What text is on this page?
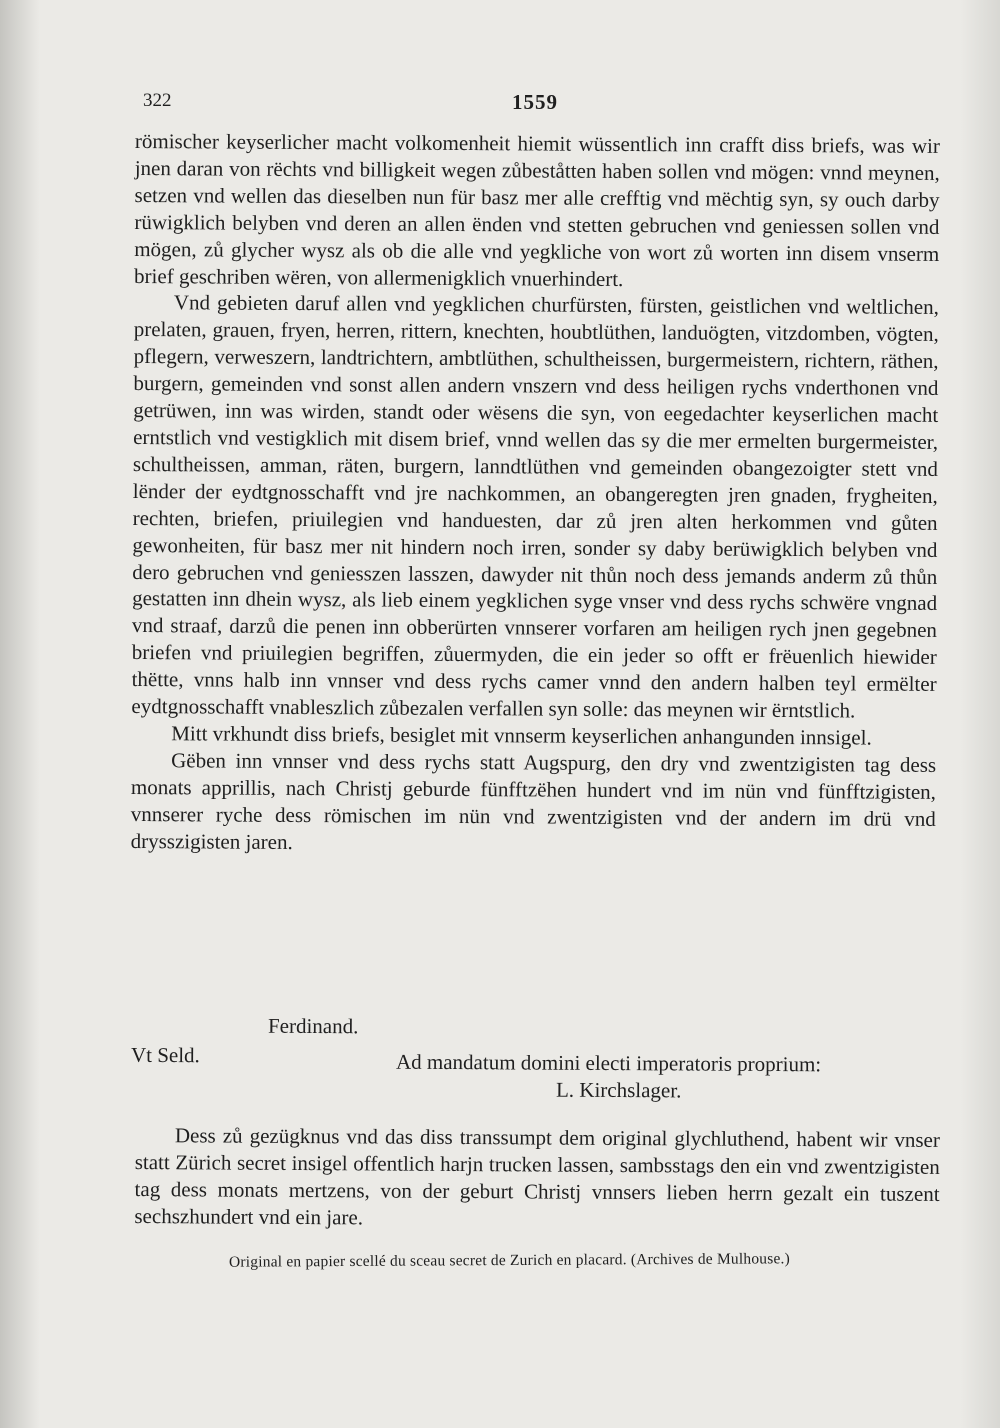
322	1559

römischer keyserlicher macht volkomenheit hiemit wüssentlich inn crafft diss briefs, was wir jnen daran von rëchts vnd billigkeit wegen zůbeståtten haben sollen vnd mögen: vnnd meynen, setzen vnd wellen das dieselben nun für basz mer alle crefftig vnd mëchtig syn, sy ouch darby rüwigklich belyben vnd deren an allen ënden vnd stetten gebruchen vnd geniessen sollen vnd mögen, zů glycher wysz als ob die alle vnd yegkliche von wort zů worten inn disem vnserm brief geschriben wëren, von allermenigklich vnuerhindert.

Vnd gebieten daruf allen vnd yegklichen churfürsten, fürsten, geistlichen vnd weltlichen, prelaten, grauen, fryen, herren, rittern, knechten, houbtlüthen, landuögten, vitzdomben, vögten, pflegern, verweszern, landtrichtern, ambtlüthen, schultheissen, burgermeistern, richtern, räthen, burgern, gemeinden vnd sonst allen andern vnszern vnd dess heiligen rychs vnderthonen vnd getrüwen, inn was wirden, standt oder wësens die syn, von eegedachter keyserlichen macht erntstlich vnd vestigklich mit disem brief, vnnd wellen das sy die mer ermelten burgermeister, schultheissen, amman, räten, burgern, lanndtlüthen vnd gemeinden obangezoigter stett vnd lënder der eydtgnosschafft vnd jre nachkommen, an obangeregten jren gnaden, frygheiten, rechten, briefen, priuilegien vnd handuesten, dar zů jren alten herkommen vnd gůten gewonheiten, für basz mer nit hindern noch irren, sonder sy daby berüwigklich belyben vnd dero gebruchen vnd geniesszen lasszen, dawyder nit thůn noch dess jemands anderm zů thůn gestatten inn dhein wysz, als lieb einem yegklichen syge vnser vnd dess rychs schwëre vngnad vnd straaf, darzů die penen inn obberürten vnnserer vorfaren am heiligen rych jnen gegebnen briefen vnd priuilegien begriffen, zůuermyden, die ein jeder so offt er frëuenlich hiewider thëtte, vnns halb inn vnnser vnd dess rychs camer vnnd den andern halben teyl ermëlter eydtgnosschafft vnableszlich zůbezalen verfallen syn solle: das meynen wir ërntstlich.

Mitt vrkhundt diss briefs, besiglet mit vnnserm keyserlichen anhangunden innsigel.

Gëben inn vnnser vnd dess rychs statt Augspurg, den dry vnd zwentzigisten tag dess monats apprillis, nach Christj geburde fünfftzëhen hundert vnd im nün vnd fünfftzigisten, vnnserer ryche dess römischen im nün vnd zwentzigisten vnd der andern im drü vnd drysszigisten jaren.

Ferdinand.
Vt Seld.	Ad mandatum domini electi imperatoris proprium:
L. Kirchslager.

Dess zů gezügknus vnd das diss transsumpt dem original glychluthend, habent wir vnser statt Zürich secret insigel offentlich harjn trucken lassen, sambsstags den ein vnd zwentzigisten tag dess monats mertzens, von der geburt Christj vnnsers lieben herrn gezalt ein tuszent sechszhundert vnd ein jare.

Original en papier scellé du sceau secret de Zurich en placard. (Archives de Mulhouse.)
